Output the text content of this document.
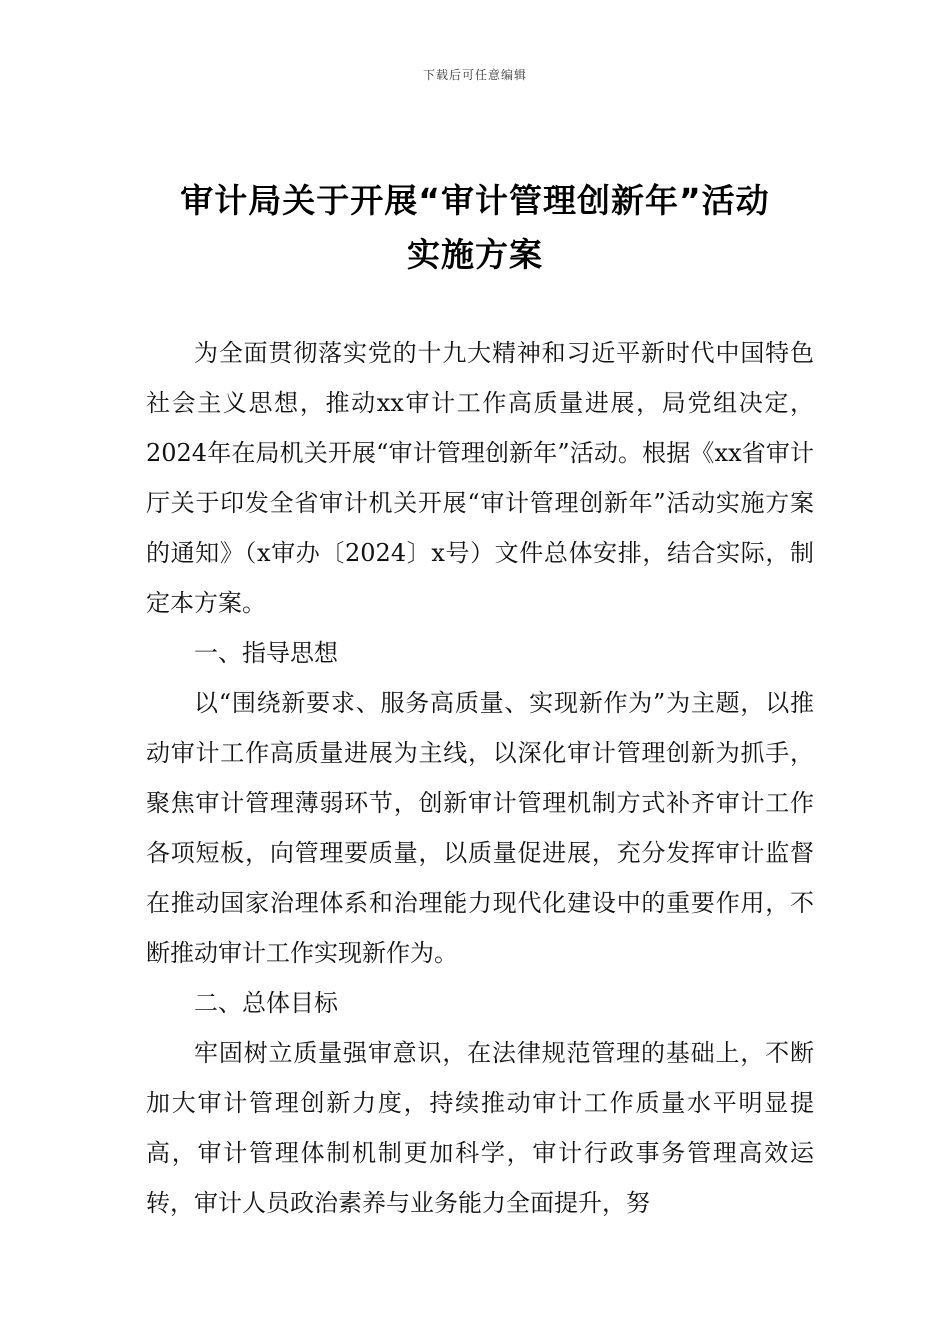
下载后可任意编辑
审计局关于开展“审计管理创新年”活动
实施方案

为全面贯彻落实党的十九大精神和习近平新时代中国特色社会主义思想，推动xx审计工作高质量进展，局党组决定，2024年在局机关开展“审计管理创新年”活动。根据《xx省审计厅关于印发全省审计机关开展“审计管理创新年”活动实施方案的通知》（x审办〔2024〕x号）文件总体安排，结合实际，制定本方案。

一、指导思想

以“围绕新要求、服务高质量、实现新作为”为主题，以推动审计工作高质量进展为主线，以深化审计管理创新为抓手，聚焦审计管理薄弱环节，创新审计管理机制方式补齐审计工作各项短板，向管理要质量，以质量促进展，充分发挥审计监督在推动国家治理体系和治理能力现代化建设中的重要作用，不断推动审计工作实现新作为。

二、总体目标

牢固树立质量强审意识，在法律规范管理的基础上，不断加大审计管理创新力度，持续推动审计工作质量水平明显提高，审计管理体制机制更加科学，审计行政事务管理高效运转，审计人员政治素养与业务能力全面提升，努
